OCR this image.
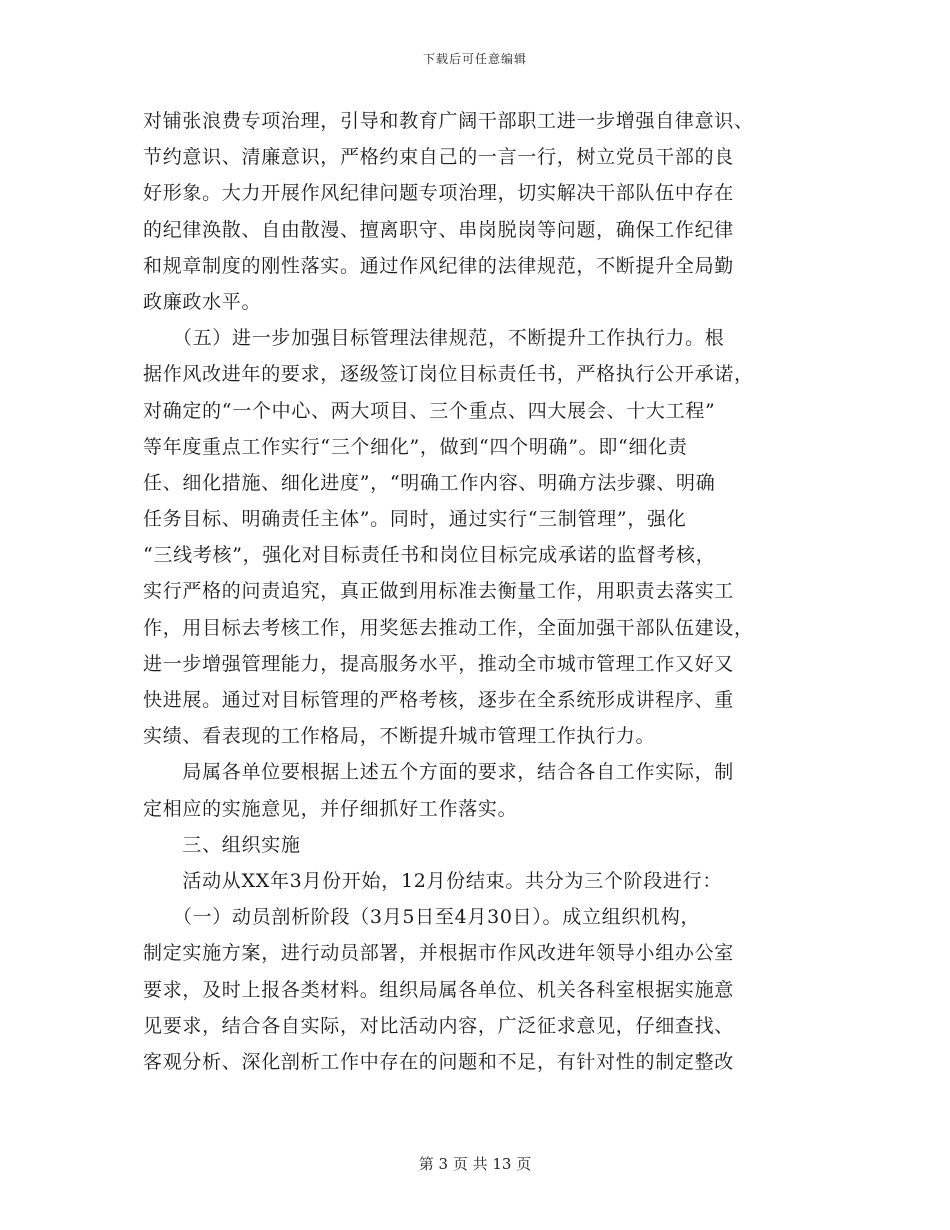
下载后可任意编辑
对铺张浪费专项治理，引导和教育广阔干部职工进一步增强自律意识、
节约意识、清廉意识，严格约束自己的一言一行，树立党员干部的良
好形象。大力开展作风纪律问题专项治理，切实解决干部队伍中存在
的纪律涣散、自由散漫、擅离职守、串岗脱岗等问题，确保工作纪律
和规章制度的刚性落实。通过作风纪律的法律规范，不断提升全局勤
政廉政水平。
　　（五）进一步加强目标管理法律规范，不断提升工作执行力。根
据作风改进年的要求，逐级签订岗位目标责任书，严格执行公开承诺，
对确定的“一个中心、两大项目、三个重点、四大展会、十大工程”
等年度重点工作实行“三个细化”，做到“四个明确”。即“细化责
任、细化措施、细化进度”，“明确工作内容、明确方法步骤、明确
任务目标、明确责任主体”。同时，通过实行“三制管理”，强化
“三线考核”，强化对目标责任书和岗位目标完成承诺的监督考核，
实行严格的问责追究，真正做到用标准去衡量工作，用职责去落实工
作，用目标去考核工作，用奖惩去推动工作，全面加强干部队伍建设，
进一步增强管理能力，提高服务水平，推动全市城市管理工作又好又
快进展。通过对目标管理的严格考核，逐步在全系统形成讲程序、重
实绩、看表现的工作格局，不断提升城市管理工作执行力。
　　局属各单位要根据上述五个方面的要求，结合各自工作实际，制
定相应的实施意见，并仔细抓好工作落实。
　　三、组织实施
　　活动从XX年3月份开始，12月份结束。共分为三个阶段进行：
　　（一）动员剖析阶段（3月5日至4月30日）。成立组织机构，
制定实施方案，进行动员部署，并根据市作风改进年领导小组办公室
要求，及时上报各类材料。组织局属各单位、机关各科室根据实施意
见要求，结合各自实际，对比活动内容，广泛征求意见，仔细查找、
客观分析、深化剖析工作中存在的问题和不足，有针对性的制定整改
第 3 页 共 13 页
